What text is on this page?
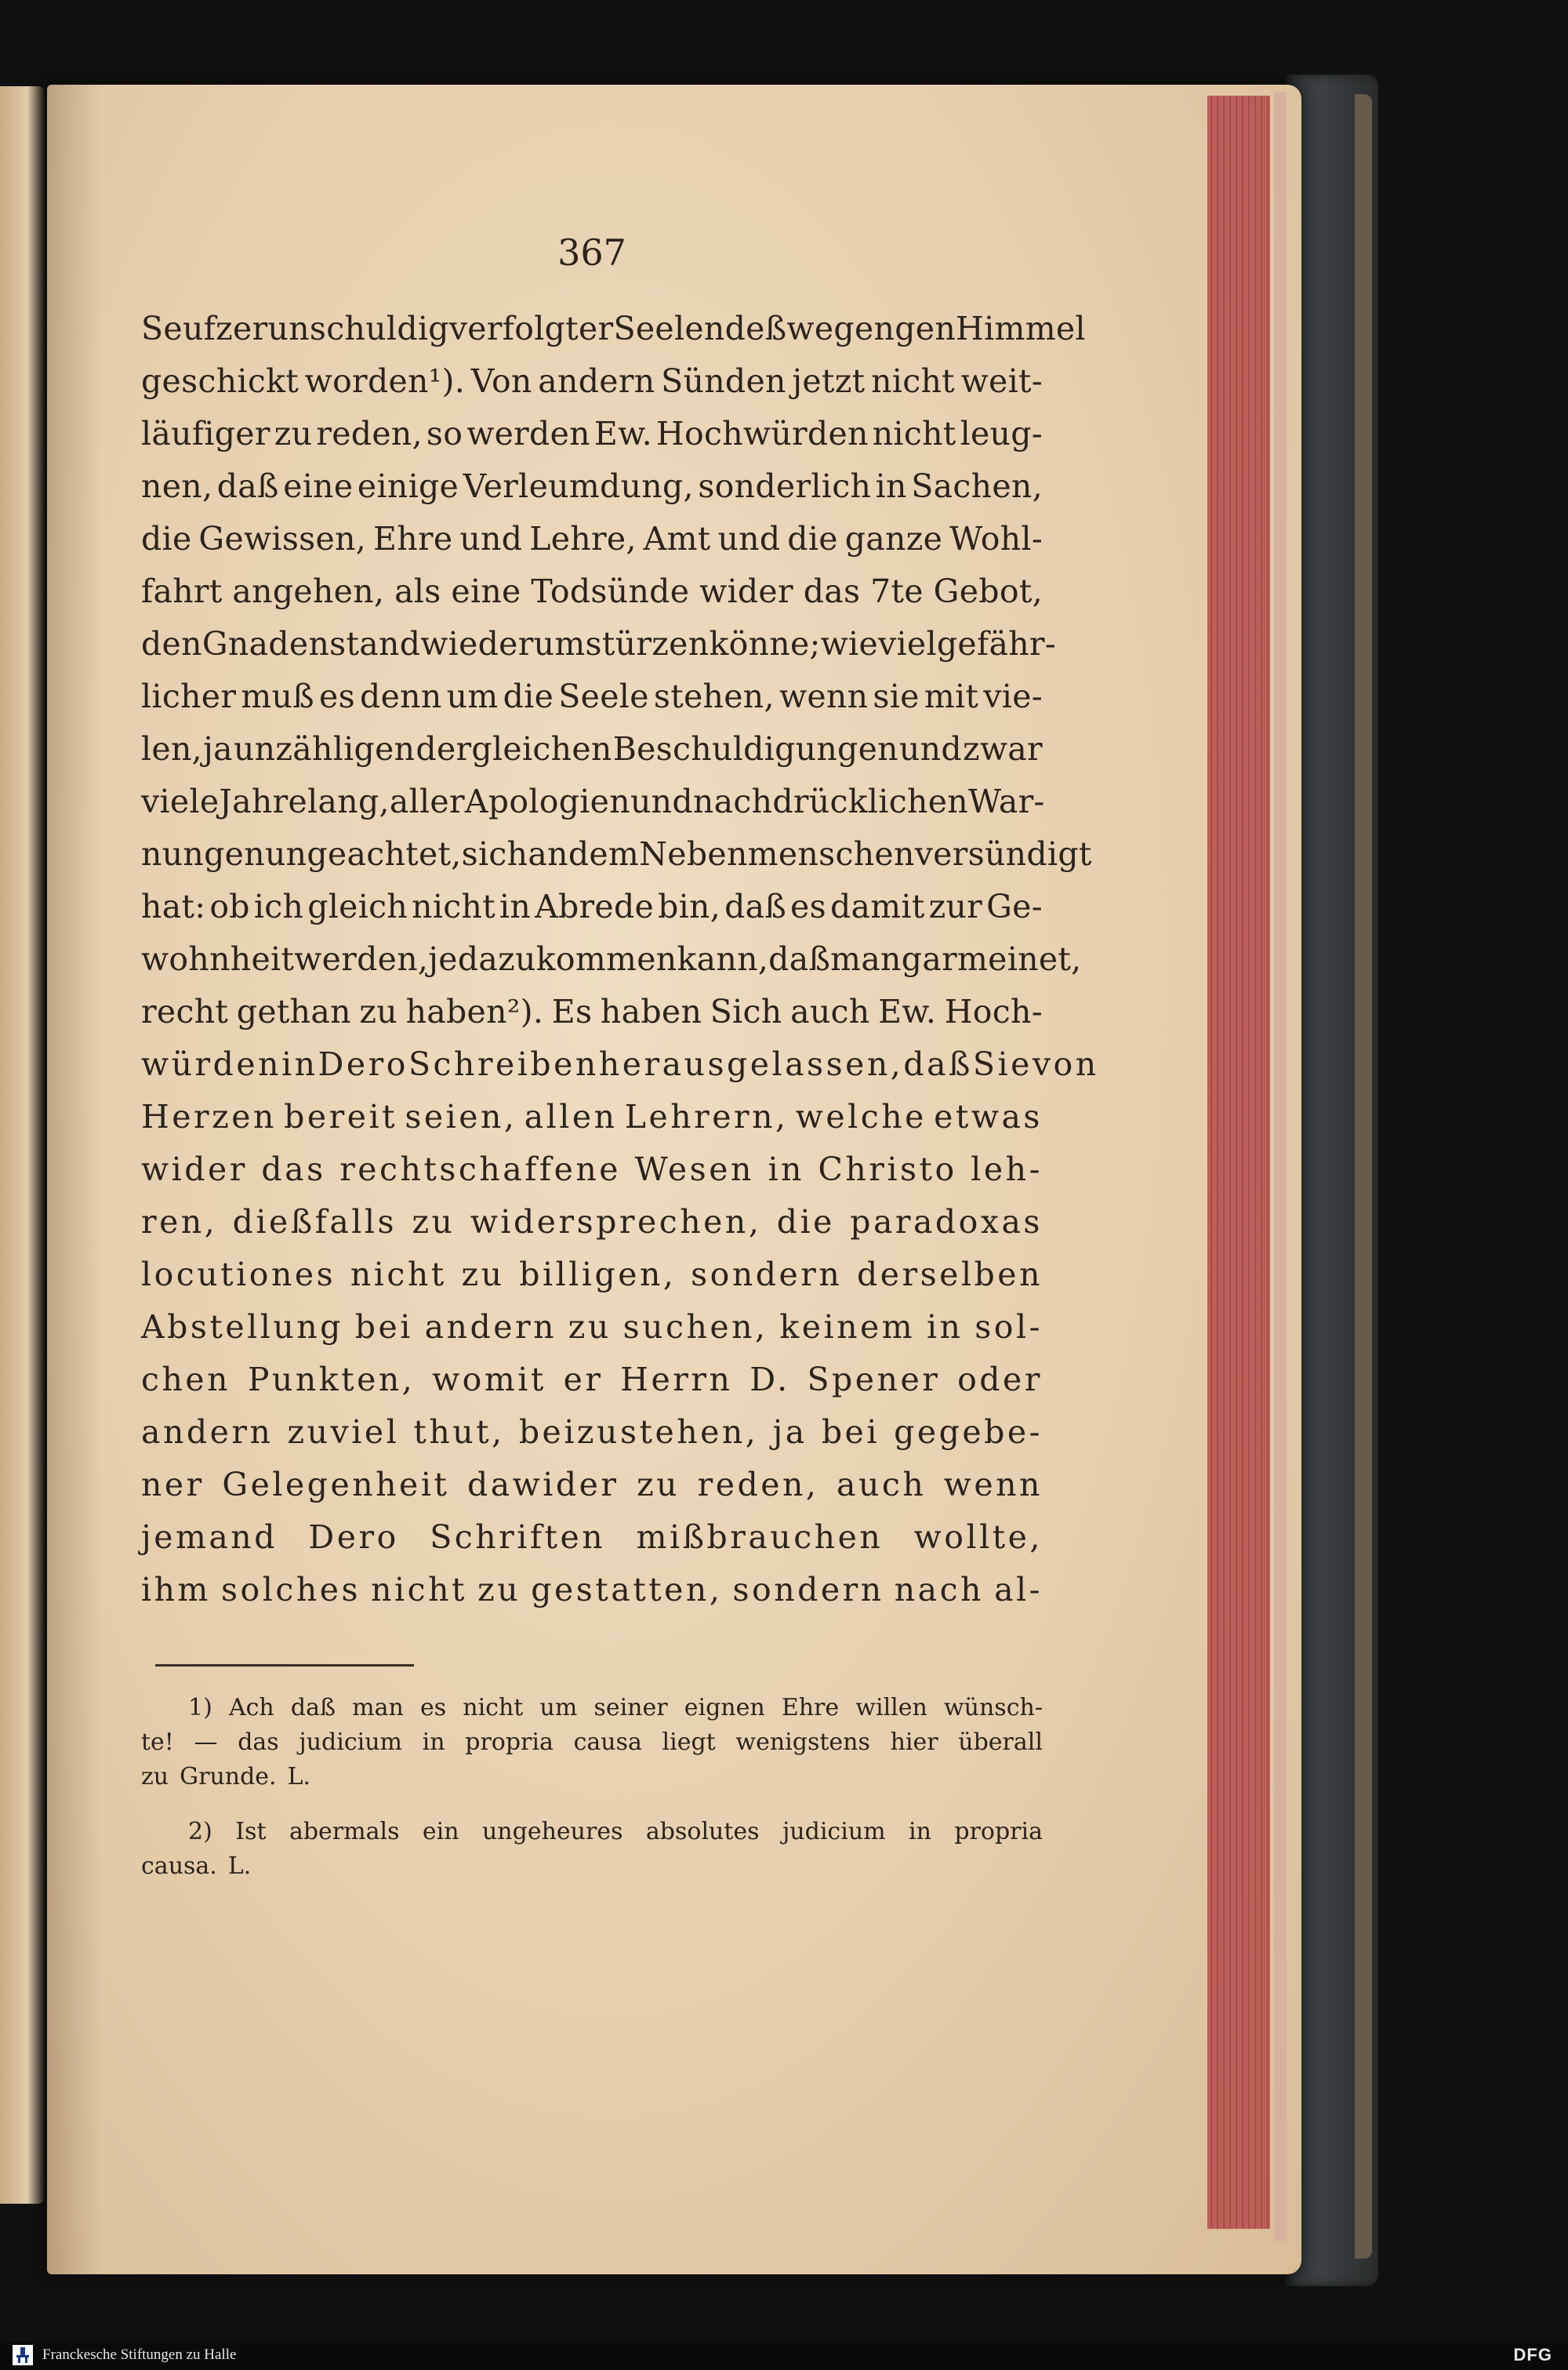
367
Seufzer unschuldig verfolgter Seelen deßwegen gen Himmel
geschickt worden¹). Von andern Sünden jetzt nicht weit-
läufiger zu reden, so werden Ew. Hochwürden nicht leug-
nen, daß eine einige Verleumdung, sonderlich in Sachen,
die Gewissen, Ehre und Lehre, Amt und die ganze Wohl-
fahrt angehen, als eine Todsünde wider das 7te Gebot,
den Gnadenstand wieder umstürzen könne; wie viel gefähr-
licher muß es denn um die Seele stehen, wenn sie mit vie-
len, ja unzähligen dergleichen Beschuldigungen und zwar
viele Jahre lang, aller Apologien und nachdrücklichen War-
nungen ungeachtet, sich an dem Nebenmenschen versündigt
hat: ob ich gleich nicht in Abrede bin, daß es damit zur Ge-
wohnheit werden, je dazu kommen kann, daß man gar meinet,
recht gethan zu haben²). Es haben Sich auch Ew. Hoch-
würden in Dero Schreiben herausgelassen, daß Sie von
Herzen bereit seien, allen Lehrern, welche etwas
wider das rechtschaffene Wesen in Christo leh-
ren, dießfalls zu widersprechen, die paradoxas
locutiones nicht zu billigen, sondern derselben
Abstellung bei andern zu suchen, keinem in sol-
chen Punkten, womit er Herrn D. Spener oder
andern zuviel thut, beizustehen, ja bei gegebe-
ner Gelegenheit dawider zu reden, auch wenn
jemand Dero Schriften mißbrauchen wollte,
ihm solches nicht zu gestatten, sondern nach al-
1) Ach daß man es nicht um seiner eignen Ehre willen wünsch-
te! — das judicium in propria causa liegt wenigstens hier überall
zu Grunde. L.
2) Ist abermals ein ungeheures absolutes judicium in propria
causa. L.
Franckesche Stiftungen zu Halle	DFG
